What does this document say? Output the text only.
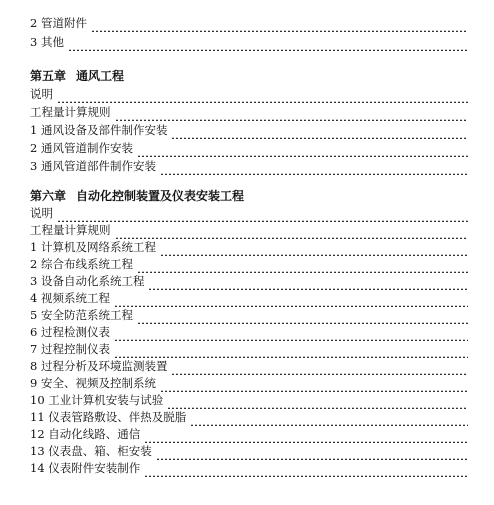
2 管道附件
3 其他
第五章 通风工程
说明
工程量计算规则
1 通风设备及部件制作安装
2 通风管道制作安装
3 通风管道部件制作安装
第六章 自动化控制装置及仪表安装工程
说明
工程量计算规则
1 计算机及网络系统工程
2 综合布线系统工程
3 设备自动化系统工程
4 视频系统工程
5 安全防范系统工程
6 过程检测仪表
7 过程控制仪表
8 过程分析及环境监测装置
9 安全、视频及控制系统
10 工业计算机安装与试验
11 仪表管路敷设、伴热及脱脂
12 自动化线路、通信
13 仪表盘、箱、柜安装
14 仪表附件安装制作
